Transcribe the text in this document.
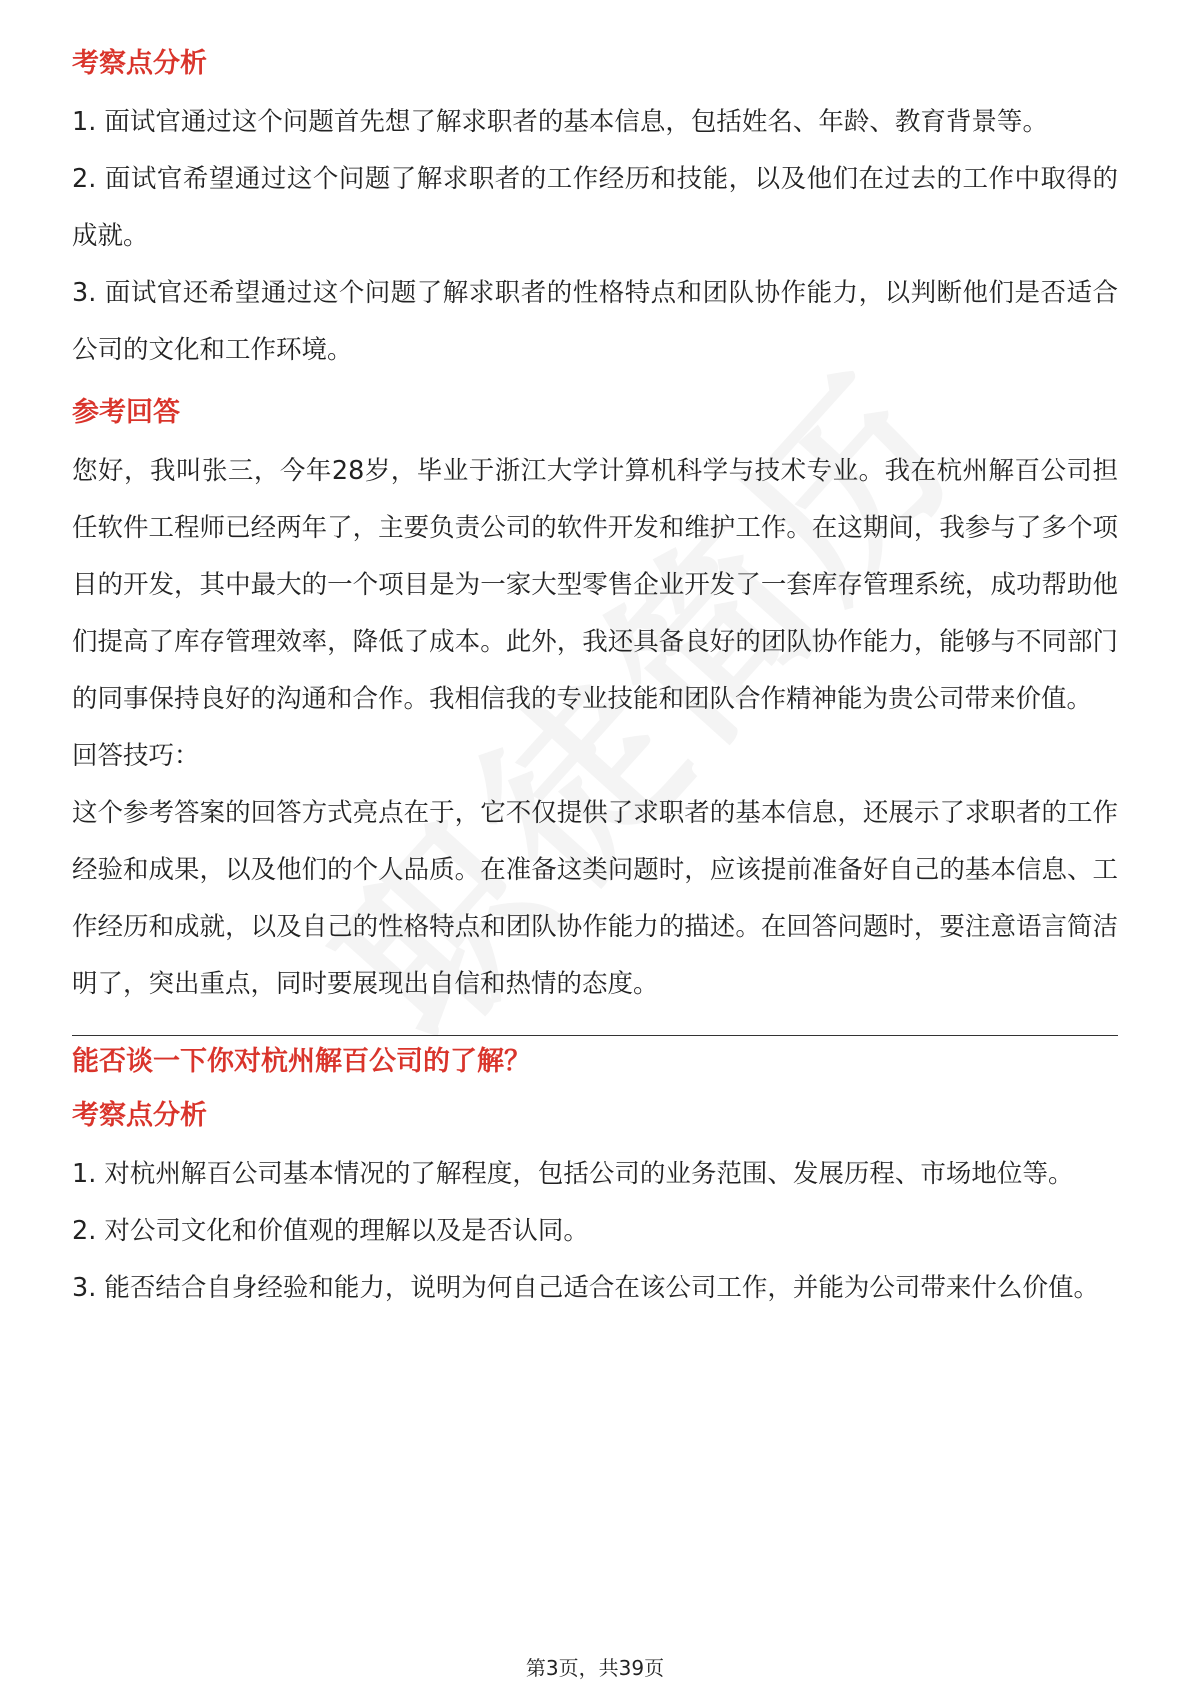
考察点分析

1. 面试官通过这个问题首先想了解求职者的基本信息，包括姓名、年龄、教育背景等。

2. 面试官希望通过这个问题了解求职者的工作经历和技能，以及他们在过去的工作中取得的成就。

3. 面试官还希望通过这个问题了解求职者的性格特点和团队协作能力，以判断他们是否适合公司的文化和工作环境。

参考回答

您好，我叫张三，今年28岁，毕业于浙江大学计算机科学与技术专业。我在杭州解百公司担任软件工程师已经两年了，主要负责公司的软件开发和维护工作。在这期间，我参与了多个项目的开发，其中最大的一个项目是为一家大型零售企业开发了一套库存管理系统，成功帮助他们提高了库存管理效率，降低了成本。此外，我还具备良好的团队协作能力，能够与不同部门的同事保持良好的沟通和合作。我相信我的专业技能和团队合作精神能为贵公司带来价值。

回答技巧：

这个参考答案的回答方式亮点在于，它不仅提供了求职者的基本信息，还展示了求职者的工作经验和成果，以及他们的个人品质。在准备这类问题时，应该提前准备好自己的基本信息、工作经历和成就，以及自己的性格特点和团队协作能力的描述。在回答问题时，要注意语言简洁明了，突出重点，同时要展现出自信和热情的态度。

能否谈一下你对杭州解百公司的了解？

考察点分析

1. 对杭州解百公司基本情况的了解程度，包括公司的业务范围、发展历程、市场地位等。

2. 对公司文化和价值观的理解以及是否认同。

3. 能否结合自身经验和能力，说明为何自己适合在该公司工作，并能为公司带来什么价值。

第3页，共39页
